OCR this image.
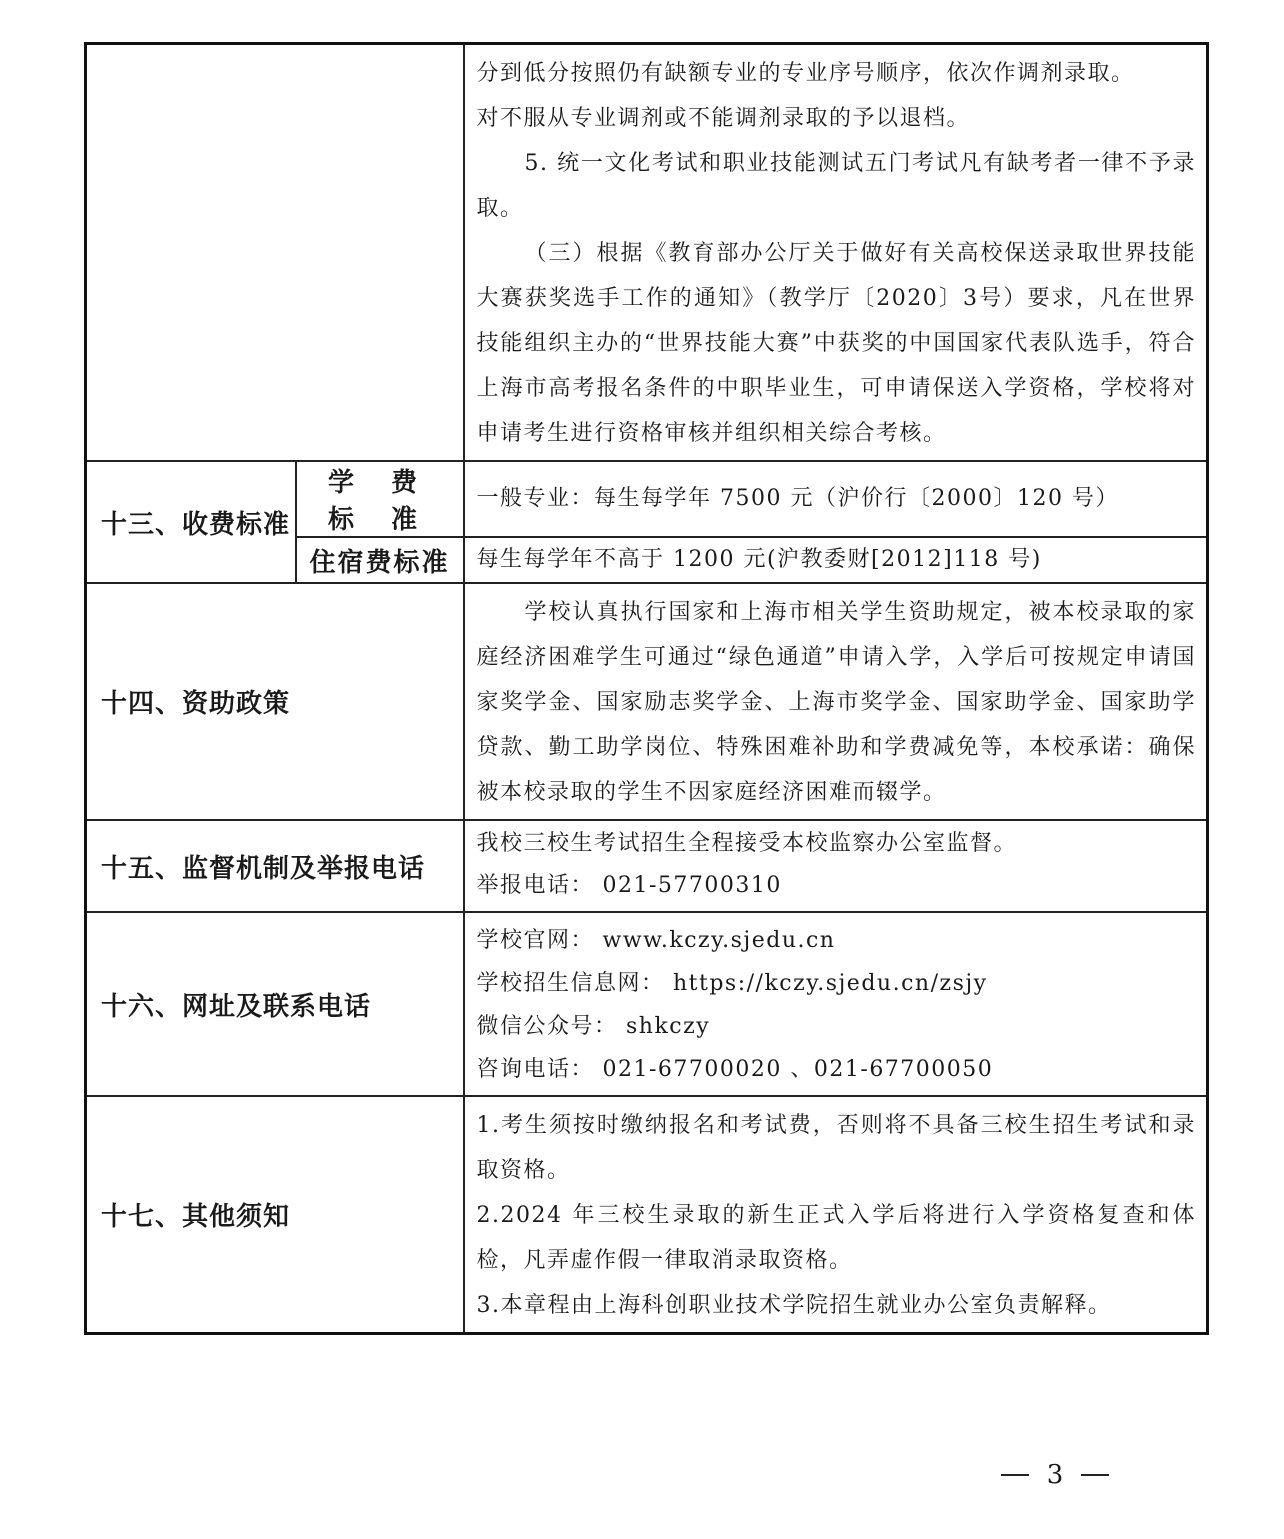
		分到低分按照仍有缺额专业的专业序号顺序，依次作调剂录取。

对不服从专业调剂或不能调剂录取的予以退档。

5. 统一文化考试和职业技能测试五门考试凡有缺考者一律不予录取。

（三）根据《教育部办公厅关于做好有关高校保送录取世界技能大赛获奖选手工作的通知》（教学厅〔2020〕3号）要求，凡在世界技能组织主办的“世界技能大赛”中获奖的中国国家代表队选手，符合上海市高考报名条件的中职毕业生，可申请保送入学资格，学校将对申请考生进行资格审核并组织相关综合考核。

十三、收费标准	学 费 标 准	一般专业：每生每学年 7500 元（沪价行〔2000〕120 号）
	住宿费标准	每生每学年不高于 1200 元(沪教委财[2012]118 号)
十四、资助政策		学校认真执行国家和上海市相关学生资助规定，被本校录取的家庭经济困难学生可通过“绿色通道”申请入学，入学后可按规定申请国家奖学金、国家励志奖学金、上海市奖学金、国家助学金、国家助学贷款、勤工助学岗位、特殊困难补助和学费减免等，本校承诺：确保被本校录取的学生不因家庭经济困难而辍学。

十五、监督机制及举报电话		我校三校生考试招生全程接受本校监察办公室监督。

举报电话： 021-57700310

十六、网址及联系电话		学校官网： www.kczy.sjedu.cn

学校招生信息网： https://kczy.sjedu.cn/zsjy

微信公众号： shkczy

咨询电话： 021-67700020 、021-67700050

十七、其他须知		1.考生须按时缴纳报名和考试费，否则将不具备三校生招生考试和录取资格。

2.2024 年三校生录取的新生正式入学后将进行入学资格复查和体检，凡弄虚作假一律取消录取资格。

3.本章程由上海科创职业技术学院招生就业办公室负责解释。

3
